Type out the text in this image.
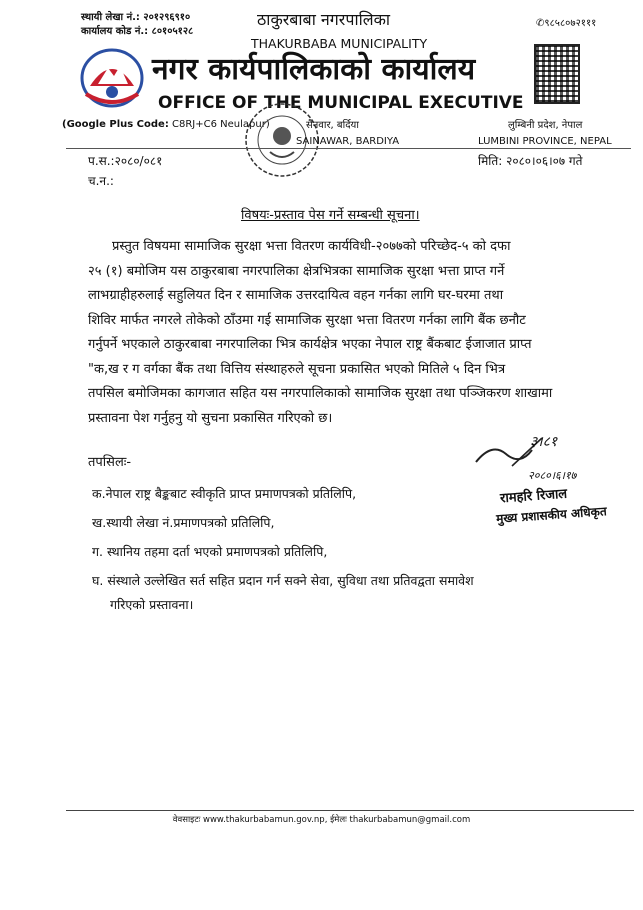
स्थायी लेखा नं.: २०१२९६९१०
कार्यालय कोड नं.: ८०१०५१२८
✆९८५८०७२१११
ठाकुरबाबा नगरपालिका
THAKURBABA MUNICIPALITY
नगर कार्यपालिकाको कार्यालय
OFFICE OF THE MUNICIPAL EXECUTIVE
(Google Plus Code: C8RJ+C6 Neulapur)	सैनवार, बर्दिया
SAINAWAR, BARDIYA
लुम्बिनी प्रदेश, नेपाल
LUMBINI PROVINCE, NEPAL
प.स.:२०८०/०८१
च.न.:
मिति: २०८०।०६।०७ गते
विषयः-प्रस्ताव पेस गर्ने सम्बन्धी सूचना।
प्रस्तुत विषयमा सामाजिक सुरक्षा भत्ता वितरण कार्यविधी-२०७७को परिच्छेद-५ को दफा
२५ (१) बमोजिम यस ठाकुरबाबा नगरपालिका क्षेत्रभित्रका सामाजिक सुरक्षा भत्ता प्राप्त गर्ने
लाभग्राहीहरुलाई सहुलियत दिन र सामाजिक उत्तरदायित्व वहन गर्नका लागि घर-घरमा तथा
शिविर मार्फत नगरले तोकेको ठाँउमा गई सामाजिक सुरक्षा भत्ता वितरण गर्नका लागि बैंक छनौट
गर्नुपर्ने भएकाले ठाकुरबाबा नगरपालिका भित्र कार्यक्षेत्र भएका नेपाल राष्ट्र बैंकबाट ईजाजात प्राप्त
"क,ख र ग वर्गका बैंक तथा वित्तिय संस्थाहरुले सूचना प्रकासित भएको मितिले ५ दिन भित्र
तपसिल बमोजिमका कागजात सहित यस नगरपालिकाको सामाजिक सुरक्षा तथा पञ्जिकरण शाखामा
प्रस्तावना पेश गर्नुहनु यो सुचना प्रकासित गरिएको छ।
तपसिलः-
क.नेपाल राष्ट्र बैङ्कबाट स्वीकृति प्राप्त प्रमाणपत्रको प्रतिलिपि,
ख.स्थायी लेखा नं.प्रमाणपत्रको प्रतिलिपि,
ग. स्थानिय तहमा दर्ता भएको प्रमाणपत्रको प्रतिलिपि,
घ. संस्थाले उल्लेखित सर्त सहित प्रदान गर्न सक्ने सेवा, सुविधा तथा प्रतिवद्वता समावेश
गरिएको प्रस्तावना।
३।८१
२०८०।६।१७
रामहरि रिजाल
मुख्य प्रशासकीय अधिकृत
वेवसाइटः www.thakurbabamun.gov.np, ईमेलः thakurbabamun@gmail.com
